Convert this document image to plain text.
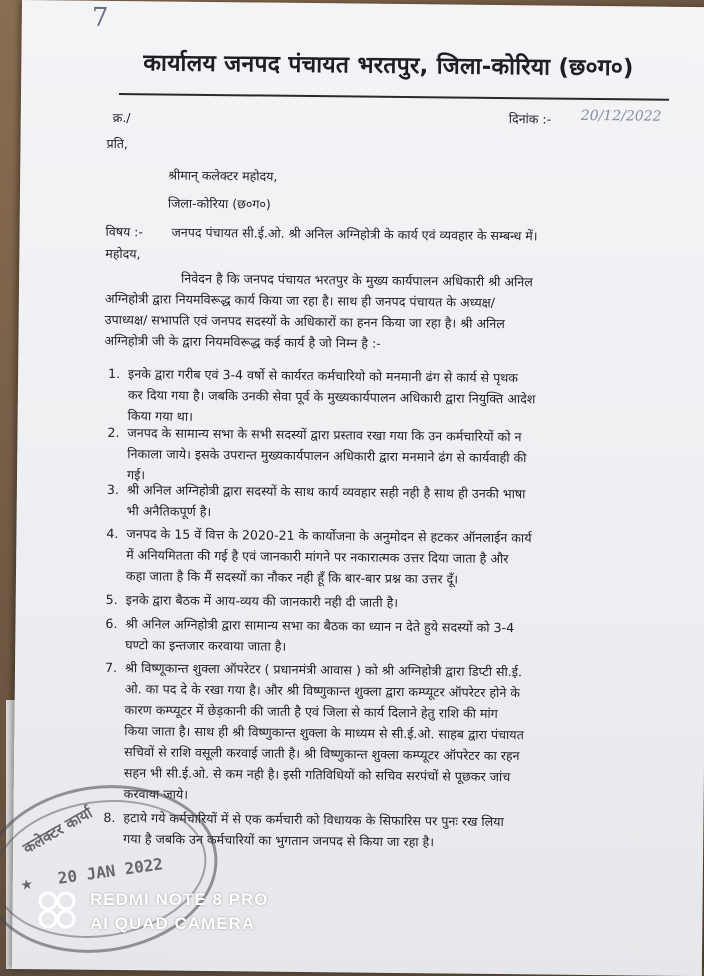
7
कार्यालय जनपद पंचायत भरतपुर, जिला-कोरिया (छ०ग०)
क्र./	दिनांक :- 20/12/2022
प्रति,
श्रीमान् कलेक्टर महोदय,
जिला-कोरिया (छ०ग०)
विषय :- जनपद पंचायत सी.ई.ओ. श्री अनिल अग्निहोत्री के कार्य एवं व्यवहार के सम्बन्ध में।
महोदय,
निवेदन है कि जनपद पंचायत भरतपुर के मुख्य कार्यपालन अधिकारी श्री अनिल
अग्निहोत्री द्वारा नियमविरूद्ध कार्य किया जा रहा है। साथ ही जनपद पंचायत के अध्यक्ष/
उपाध्यक्ष/ सभापति एवं जनपद सदस्यों के अधिकारों का हनन किया जा रहा है। श्री अनिल
अग्निहोत्री जी के द्वारा नियमविरूद्ध कई कार्य है जो निम्न है :-
1. इनके द्वारा गरीब एवं 3-4 वर्षो से कार्यरत कर्मचारियो को मनमानी ढंग से कार्य से पृथक
कर दिया गया है। जबकि उनकी सेवा पूर्व के मुख्यकार्यपालन अधिकारी द्वारा नियुक्ति आदेश
किया गया था।
2. जनपद के सामान्य सभा के सभी सदस्यों द्वारा प्रस्ताव रखा गया कि उन कर्मचारियों को न
निकाला जाये। इसके उपरान्त मुख्यकार्यपालन अधिकारी द्वारा मनमाने ढंग से कार्यवाही की
गई।
3. श्री अनिल अग्निहोत्री द्वारा सदस्यों के साथ कार्य व्यवहार सही नही है साथ ही उनकी भाषा
भी अनैतिकपूर्ण है।
4. जनपद के 15 वें वित्त के 2020-21 के कार्योजना के अनुमोदन से हटकर ऑनलाईन कार्य
में अनियमितता की गई है एवं जानकारी मांगने पर नकारात्मक उत्तर दिया जाता है और
कहा जाता है कि मैं सदस्यों का नौकर नही हूँ कि बार-बार प्रश्न का उत्तर दूँ।
5. इनके द्वारा बैठक में आय-व्यय की जानकारी नही दी जाती है।
6. श्री अनिल अग्निहोत्री द्वारा सामान्य सभा का बैठक का ध्यान न देते हुये सदस्यों को 3-4
घण्टो का इन्तजार करवाया जाता है।
7. श्री विष्णूकान्त शुक्ला ऑपरेटर ( प्रधानमंत्री आवास ) को श्री अग्निहोत्री द्वारा डिप्टी सी.ई.
ओ. का पद दे के रखा गया है। और श्री विष्णुकान्त शुक्ला द्वारा कम्प्यूटर ऑपरेटर होने के
कारण कम्प्यूटर में छेड़कानी की जाती है एवं जिला से कार्य दिलाने हेतु राशि की मांग
किया जाता है। साथ ही श्री विष्णुकान्त शुक्ला के माध्यम से सी.ई.ओ. साहब द्वारा पंचायत
सचिवों से राशि वसूली करवाई जाती है। श्री विष्णुकान्त शुक्ला कम्प्यूटर ऑपरेटर का रहन
सहन भी सी.ई.ओ. से कम नही है। इसी गतिविधियों को सचिव सरपंचों से पूछकर जांच
करवाया जाये।
8. हटाये गये कर्मचारियों में से एक कर्मचारी को विधायक के सिफारिस पर पुनः रख लिया
गया है जबकि उन कर्मचारियों का भुगतान जनपद से किया जा रहा है।
कलेक्टर कार्या
20 JAN 2022
★
REDMI NOTE 8 PRO
AI QUAD CAMERA
